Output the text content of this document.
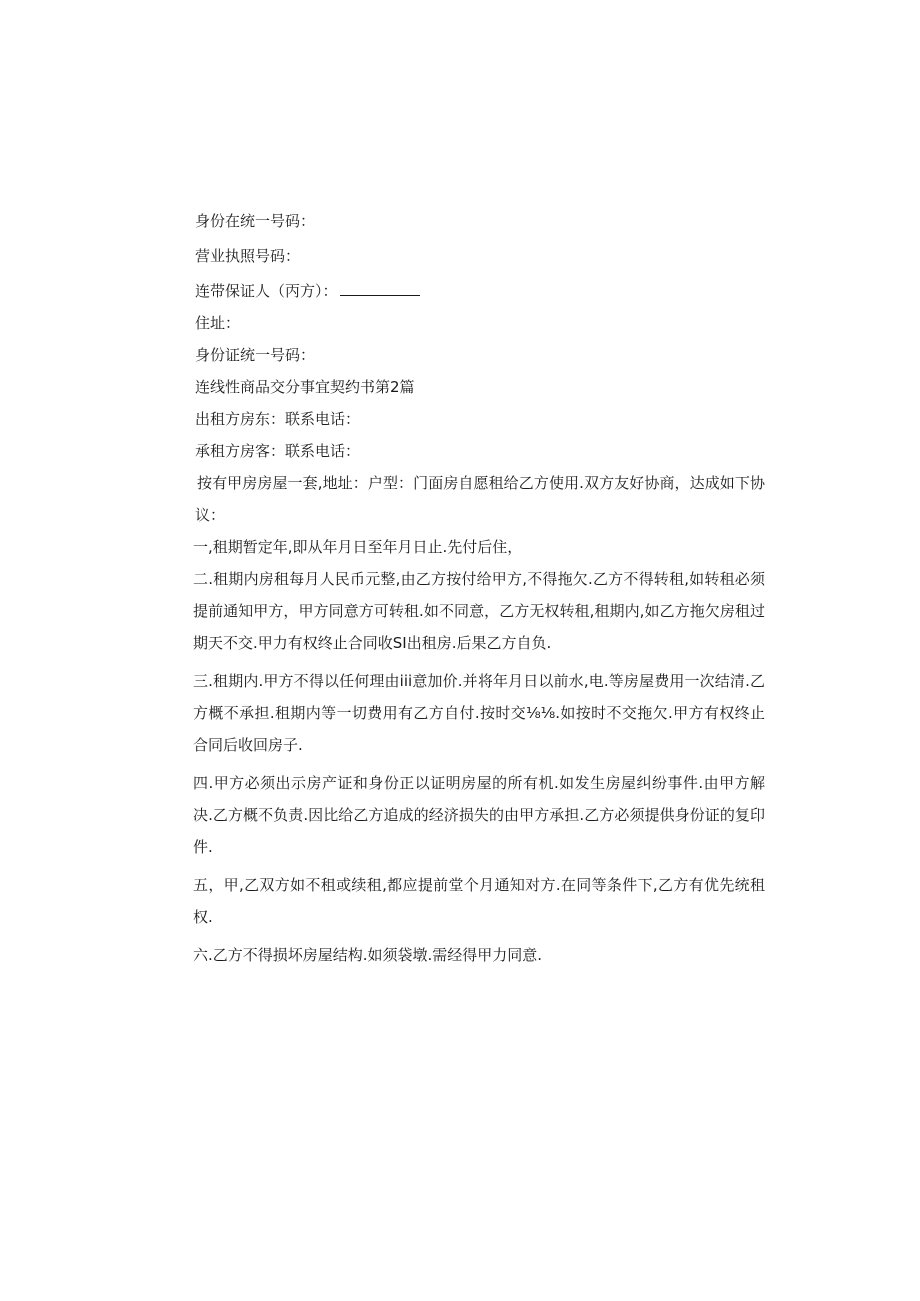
身份在统一号码：

营业执照号码：

连带保证人（丙方）：

住址：

身份证统一号码：

连线性商品交分事宜契约书第2篇

出租方房东：联系电话：

承租方房客：联系电话：

按有甲房房屋一套,地址：户型：门面房自愿租给乙方使用.双方友好协商，达成如下协议：

一,租期暂定年,即从年月日至年月日止.先付后住，

二.租期内房租每月人民币元整,由乙方按付给甲方,不得拖欠.乙方不得转租,如转租必须提前通知甲方，甲方同意方可转租.如不同意，乙方无权转租,租期内,如乙方拖欠房租过期天不交.甲力有权终止合同收SI出租房.后果乙方自负.

三.租期内.甲方不得以任何理由iii意加价.并将年月日以前水,电.等房屋费用一次结清.乙方概不承担.租期内等一切费用有乙方自付.按时交⅛⅛.如按时不交拖欠.甲方有权终止合同后收回房子.

四.甲方必须出示房产证和身份正以证明房屋的所有机.如发生房屋纠纷事件.由甲方解决.乙方概不负责.因比给乙方追成的经济损失的由甲方承担.乙方必须提供身份证的复印件.

五，甲,乙双方如不租或续租,都应提前堂个月通知对方.在同等条件下,乙方有优先统租权.

六.乙方不得损坏房屋结构.如须袋墩.需经得甲力同意.
